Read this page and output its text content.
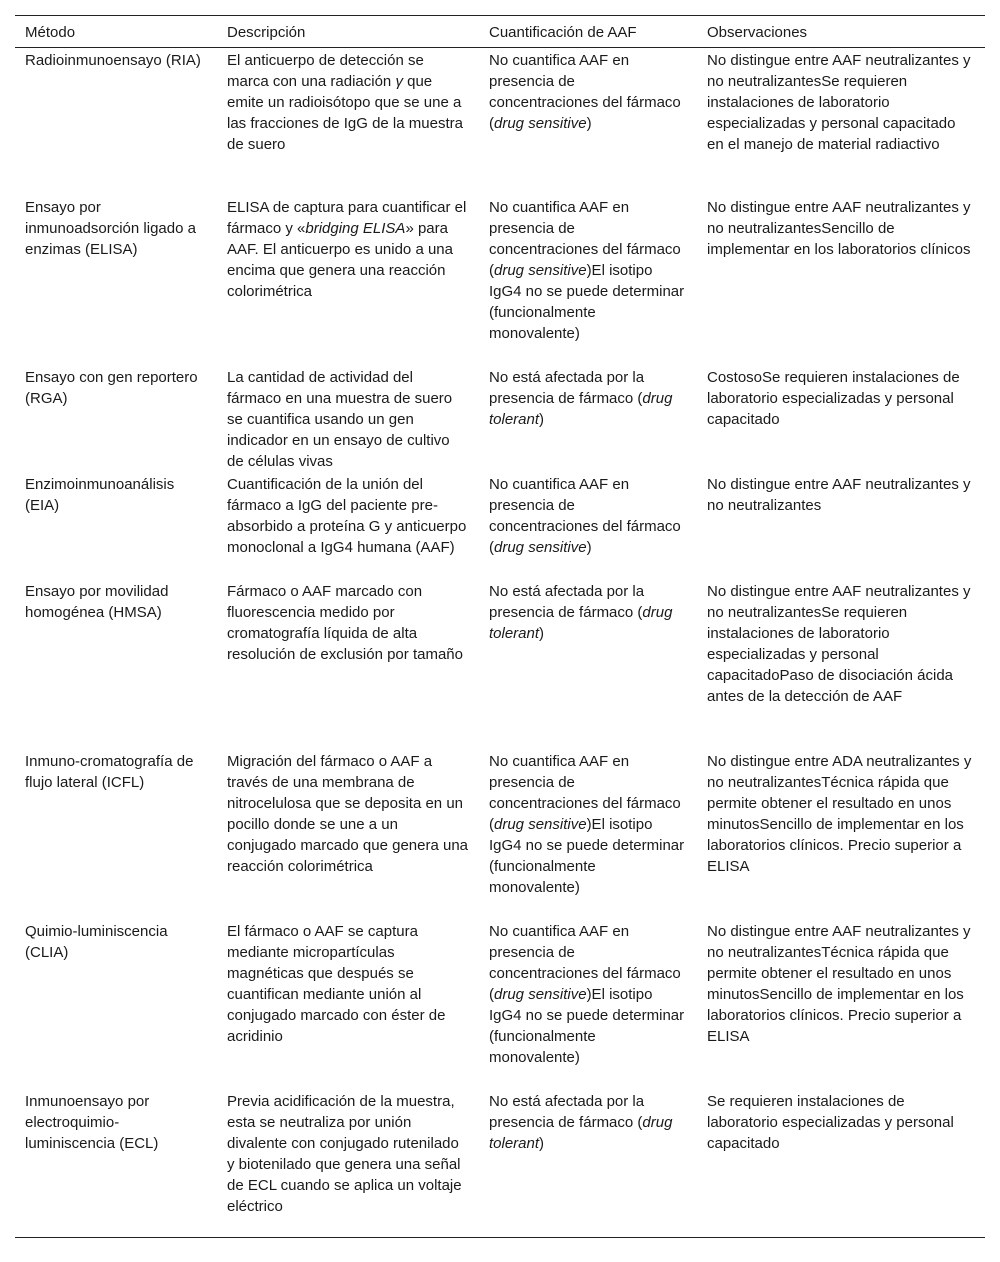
Método	Descripción	Cuantificación de AAF	Observaciones
Radioinmunoensayo (RIA)	El anticuerpo de detección se marca con una radiación γ que emite un radioisótopo que se une a las fracciones de IgG de la muestra de suero	No cuantifica AAF en presencia de concentraciones del fármaco (drug sensitive)	No distingue entre AAF neutralizantes y no neutralizantesSe requieren instalaciones de laboratorio especializadas y personal capacitado en el manejo de material radiactivo
Ensayo por inmunoadsorción ligado a enzimas (ELISA)	ELISA de captura para cuantificar el fármaco y «bridging ELISA» para AAF. El anticuerpo es unido a una encima que genera una reacción colorimétrica	No cuantifica AAF en presencia de concentraciones del fármaco (drug sensitive)El isotipo IgG4 no se puede determinar (funcionalmente monovalente)	No distingue entre AAF neutralizantes y no neutralizantesSencillo de implementar en los laboratorios clínicos
Ensayo con gen reportero (RGA)	La cantidad de actividad del fármaco en una muestra de suero se cuantifica usando un gen indicador en un ensayo de cultivo de células vivas	No está afectada por la presencia de fármaco (drug tolerant)	CostosoSe requieren instalaciones de laboratorio especializadas y personal capacitado
Enzimoinmunoanálisis (EIA)	Cuantificación de la unión del fármaco a IgG del paciente pre-absorbido a proteína G y anticuerpo monoclonal a IgG4 humana (AAF)	No cuantifica AAF en presencia de concentraciones del fármaco (drug sensitive)	No distingue entre AAF neutralizantes y no neutralizantes
Ensayo por movilidad homogénea (HMSA)	Fármaco o AAF marcado con fluorescencia medido por cromatografía líquida de alta resolución de exclusión por tamaño	No está afectada por la presencia de fármaco (drug tolerant)	No distingue entre AAF neutralizantes y no neutralizantesSe requieren instalaciones de laboratorio especializadas y personal capacitadoPaso de disociación ácida antes de la detección de AAF
Inmuno-cromatografía de flujo lateral (ICFL)	Migración del fármaco o AAF a través de una membrana de nitrocelulosa que se deposita en un pocillo donde se une a un conjugado marcado que genera una reacción colorimétrica	No cuantifica AAF en presencia de concentraciones del fármaco (drug sensitive)El isotipo IgG4 no se puede determinar (funcionalmente monovalente)	No distingue entre ADA neutralizantes y no neutralizantesTécnica rápida que permite obtener el resultado en unos minutosSencillo de implementar en los laboratorios clínicos. Precio superior a ELISA
Quimio-luminiscencia (CLIA)	El fármaco o AAF se captura mediante micropartículas magnéticas que después se cuantifican mediante unión al conjugado marcado con éster de acridinio	No cuantifica AAF en presencia de concentraciones del fármaco (drug sensitive)El isotipo IgG4 no se puede determinar (funcionalmente monovalente)	No distingue entre AAF neutralizantes y no neutralizantesTécnica rápida que permite obtener el resultado en unos minutosSencillo de implementar en los laboratorios clínicos. Precio superior a ELISA
Inmunoensayo por electroquimio-luminiscencia (ECL)	Previa acidificación de la muestra, esta se neutraliza por unión divalente con conjugado rutenilado y biotenilado que genera una señal de ECL cuando se aplica un voltaje eléctrico	No está afectada por la presencia de fármaco (drug tolerant)	Se requieren instalaciones de laboratorio especializadas y personal capacitado
